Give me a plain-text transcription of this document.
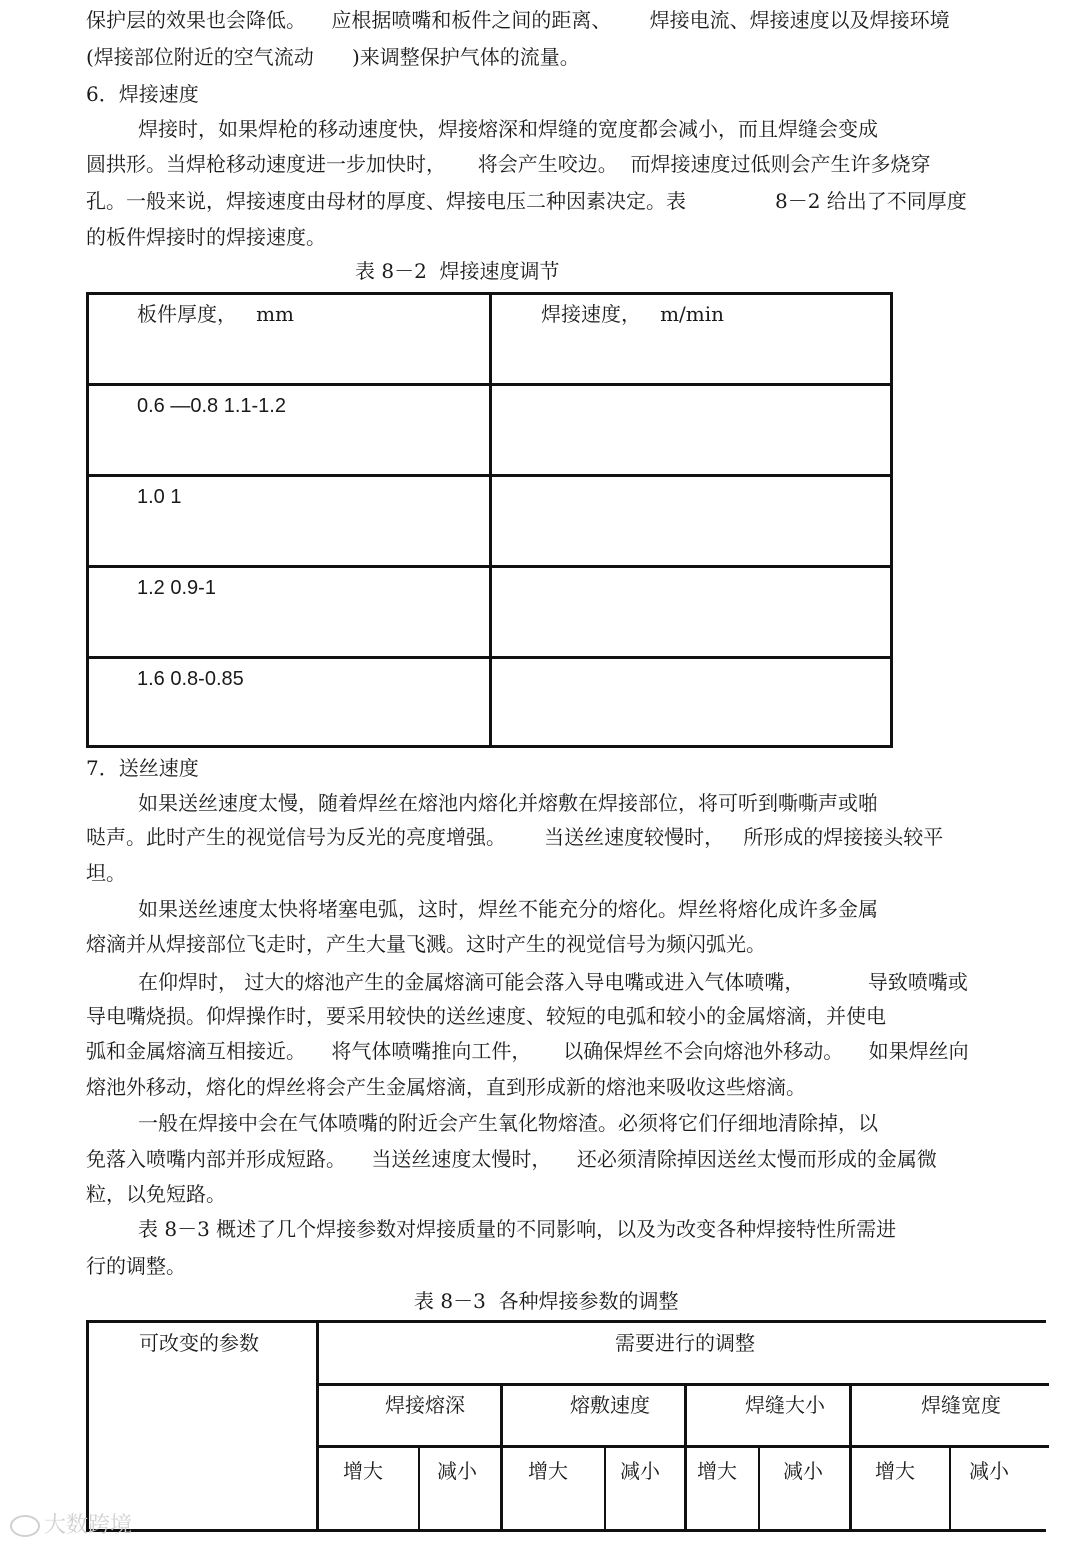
保护层的效果也会降低。    应根据喷嘴和板件之间的距离、      焊接电流、焊接速度以及焊接环境
(焊接部位附近的空气流动      )来调整保护气体的流量。
6．焊接速度
焊接时，如果焊枪的移动速度快，焊接熔深和焊缝的宽度都会减小，而且焊缝会变成
圆拱形。当焊枪移动速度进一步加快时，     将会产生咬边。  而焊接速度过低则会产生许多烧穿
孔。一般来说，焊接速度由母材的厚度、焊接电压二种因素决定。表              8－2 给出了不同厚度
的板件焊接时的焊接速度。
表 8－2  焊接速度调节
板件厚度，   mm	焊接速度，   m/min
0.6 —0.8 1.1-1.2
1.0 1
1.2 0.9-1
1.6 0.8-0.85
7．送丝速度
如果送丝速度太慢，随着焊丝在熔池内熔化并熔敷在焊接部位，将可听到嘶嘶声或啪
哒声。此时产生的视觉信号为反光的亮度增强。      当送丝速度较慢时，   所形成的焊接接头较平
坦。
如果送丝速度太快将堵塞电弧，这时，焊丝不能充分的熔化。焊丝将熔化成许多金属
熔滴并从焊接部位飞走时，产生大量飞溅。这时产生的视觉信号为频闪弧光。
在仰焊时， 过大的熔池产生的金属熔滴可能会落入导电嘴或进入气体喷嘴，          导致喷嘴或
导电嘴烧损。仰焊操作时，要采用较快的送丝速度、较短的电弧和较小的金属熔滴，并使电
弧和金属熔滴互相接近。    将气体喷嘴推向工件，     以确保焊丝不会向熔池外移动。    如果焊丝向
熔池外移动，熔化的焊丝将会产生金属熔滴，直到形成新的熔池来吸收这些熔滴。
一般在焊接中会在气体喷嘴的附近会产生氧化物熔渣。必须将它们仔细地清除掉，以
免落入喷嘴内部并形成短路。    当送丝速度太慢时，    还必须清除掉因送丝太慢而形成的金属微
粒，以免短路。
表 8－3 概述了几个焊接参数对焊接质量的不同影响，以及为改变各种焊接特性所需进
行的调整。
表 8－3  各种焊接参数的调整
可改变的参数	需要进行的调整
焊接熔深	熔敷速度	焊缝大小	焊缝宽度
增大	减小	增大	减小 增大 减小	增大	减小
大数跨境
